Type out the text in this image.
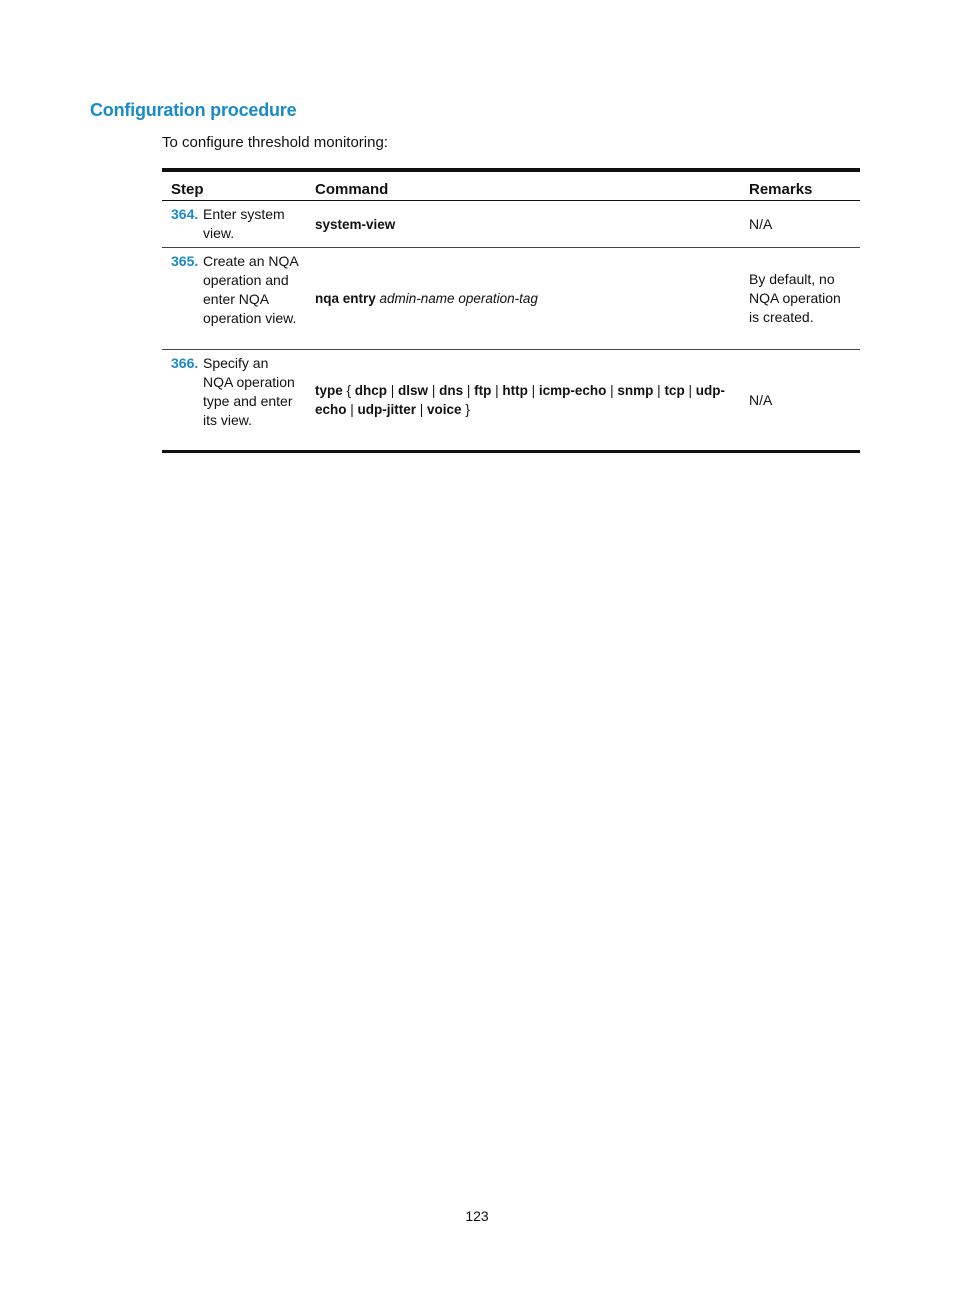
Configuration procedure
To configure threshold monitoring:
Step	Command	Remarks

364. Enter system view.	system-view	N/A

365. Create an NQA operation and enter NQA operation view.	nqa entry admin-name operation-tag	By default, no NQA operation is created.

366. Specify an NQA operation type and enter its view.	type { dhcp | dlsw | dns | ftp | http | icmp-echo | snmp | tcp | udp-echo | udp-jitter | voice }	N/A
123
